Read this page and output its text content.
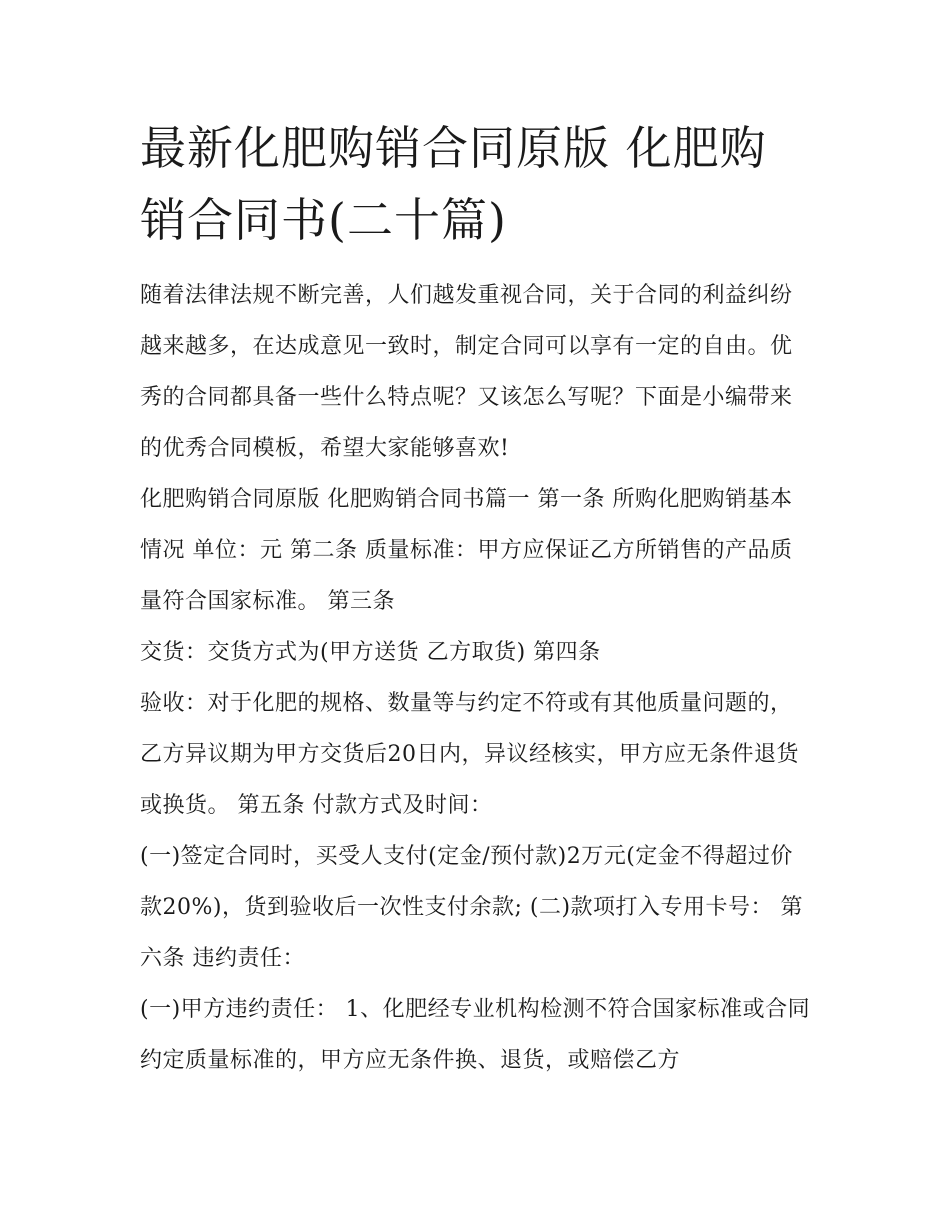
最新化肥购销合同原版 化肥购销合同书(二十篇)

随着法律法规不断完善，人们越发重视合同，关于合同的利益纠纷越来越多，在达成意见一致时，制定合同可以享有一定的自由。优秀的合同都具备一些什么特点呢？又该怎么写呢？下面是小编带来的优秀合同模板，希望大家能够喜欢!

化肥购销合同原版 化肥购销合同书篇一 第一条 所购化肥购销基本情况 单位：元 第二条 质量标准：甲方应保证乙方所销售的产品质量符合国家标准。 第三条

交货：交货方式为(甲方送货 乙方取货) 第四条

验收：对于化肥的规格、数量等与约定不符或有其他质量问题的，乙方异议期为甲方交货后20日内，异议经核实，甲方应无条件退货或换货。 第五条 付款方式及时间：

(一)签定合同时，买受人支付(定金/预付款)2万元(定金不得超过价款20%)，货到验收后一次性支付余款; (二)款项打入专用卡号： 第六条 违约责任：

(一)甲方违约责任： 1、化肥经专业机构检测不符合国家标准或合同约定质量标准的，甲方应无条件换、退货，或赔偿乙方
